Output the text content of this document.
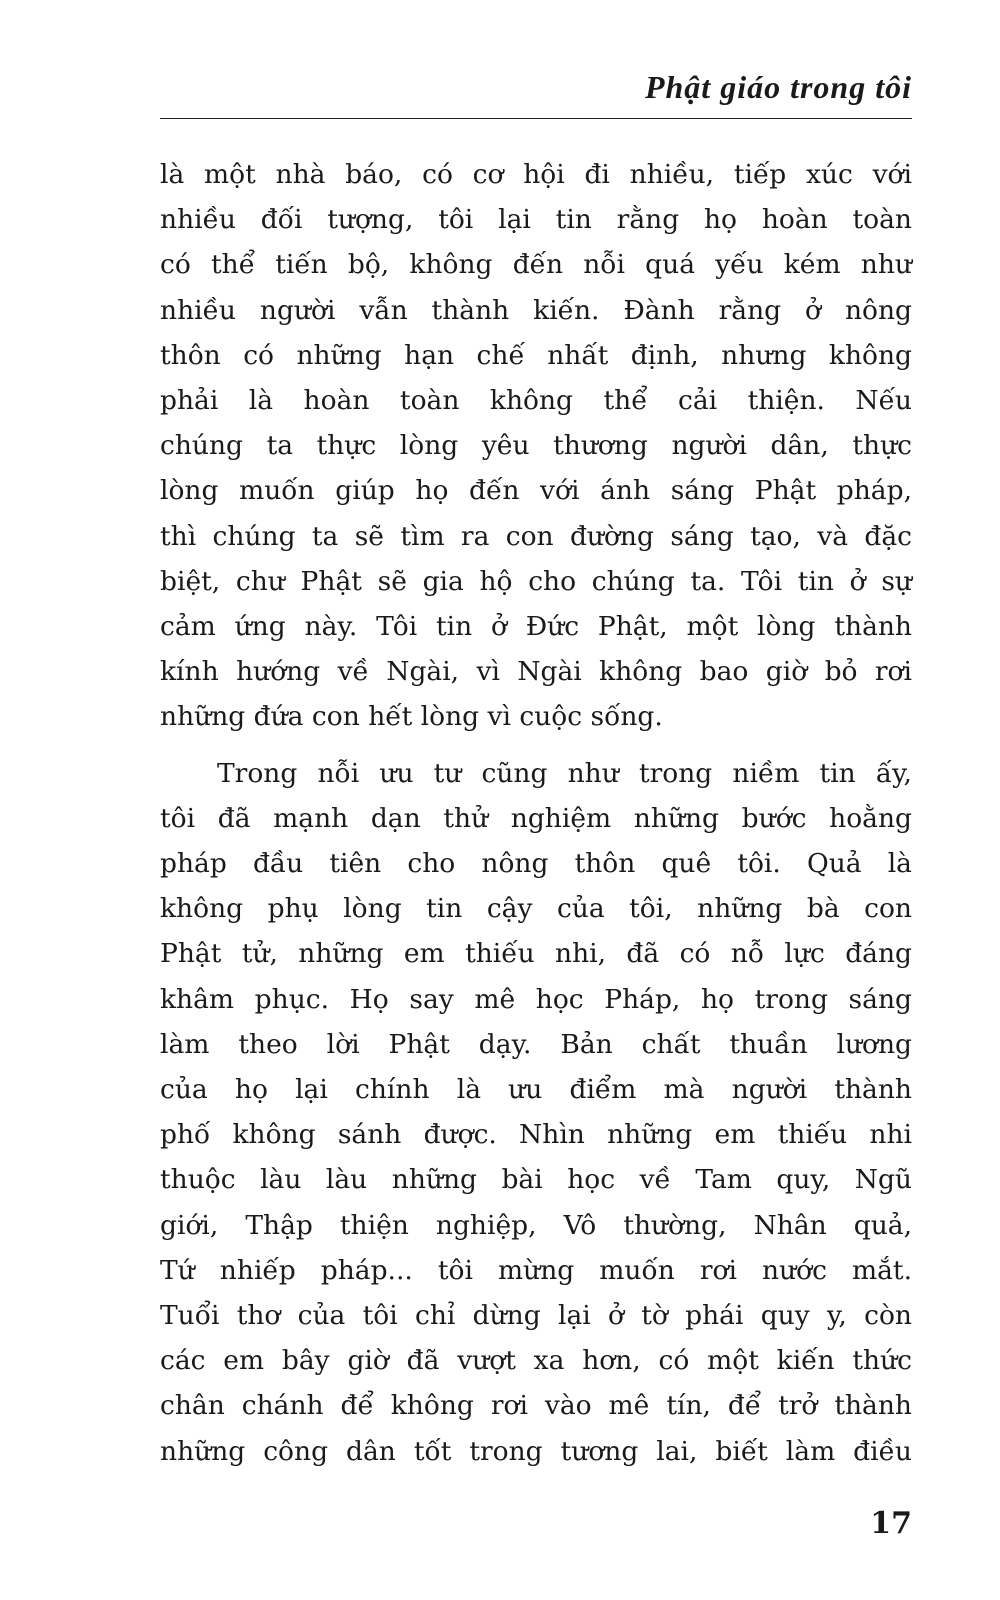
Phật giáo trong tôi

là một nhà báo, có cơ hội đi nhiều, tiếp xúc với
nhiều đối tượng, tôi lại tin rằng họ hoàn toàn
có thể tiến bộ, không đến nỗi quá yếu kém như
nhiều người vẫn thành kiến. Đành rằng ở nông
thôn có những hạn chế nhất định, nhưng không
phải là hoàn toàn không thể cải thiện. Nếu
chúng ta thực lòng yêu thương người dân, thực
lòng muốn giúp họ đến với ánh sáng Phật pháp,
thì chúng ta sẽ tìm ra con đường sáng tạo, và đặc
biệt, chư Phật sẽ gia hộ cho chúng ta. Tôi tin ở sự
cảm ứng này. Tôi tin ở Đức Phật, một lòng thành
kính hướng về Ngài, vì Ngài không bao giờ bỏ rơi
những đứa con hết lòng vì cuộc sống.

Trong nỗi ưu tư cũng như trong niềm tin ấy,
tôi đã mạnh dạn thử nghiệm những bước hoằng
pháp đầu tiên cho nông thôn quê tôi. Quả là
không phụ lòng tin cậy của tôi, những bà con
Phật tử, những em thiếu nhi, đã có nỗ lực đáng
khâm phục. Họ say mê học Pháp, họ trong sáng
làm theo lời Phật dạy. Bản chất thuần lương
của họ lại chính là ưu điểm mà người thành
phố không sánh được. Nhìn những em thiếu nhi
thuộc làu làu những bài học về Tam quy, Ngũ
giới, Thập thiện nghiệp, Vô thường, Nhân quả,
Tứ nhiếp pháp... tôi mừng muốn rơi nước mắt.
Tuổi thơ của tôi chỉ dừng lại ở tờ phái quy y, còn
các em bây giờ đã vượt xa hơn, có một kiến thức
chân chánh để không rơi vào mê tín, để trở thành
những công dân tốt trong tương lai, biết làm điều

17
